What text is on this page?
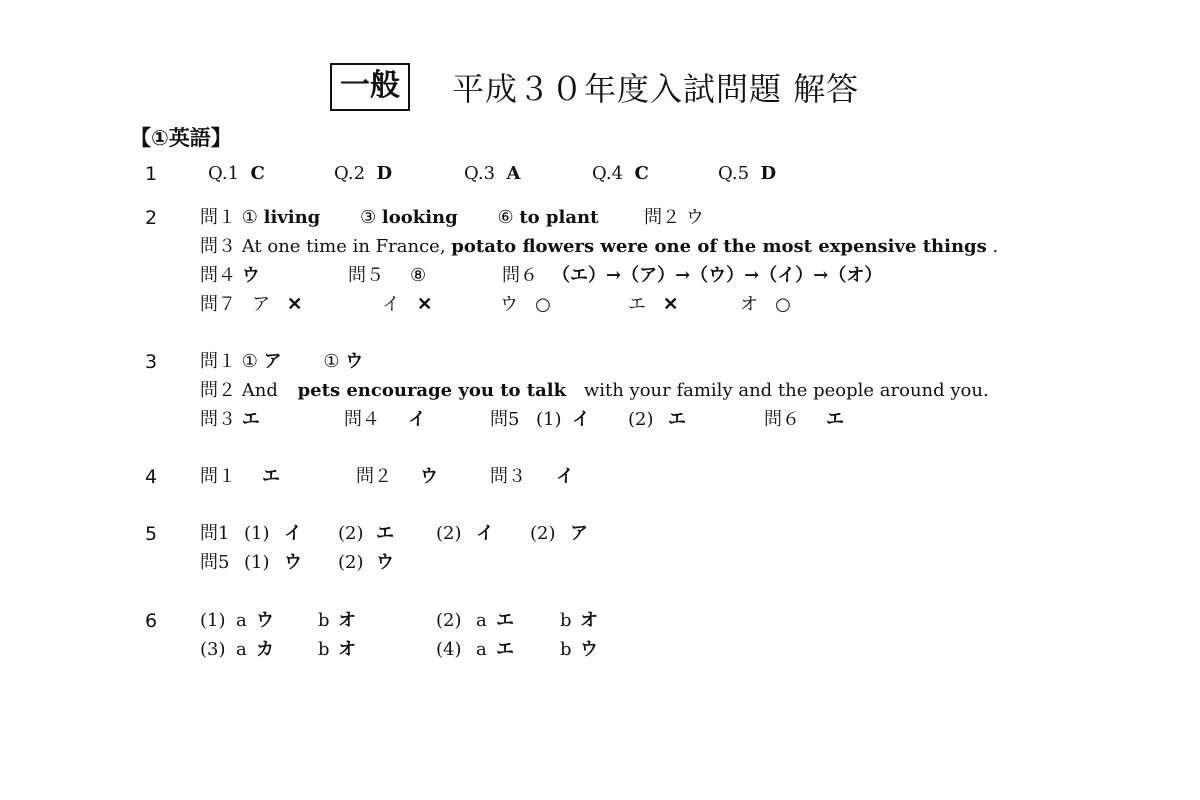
一般	平成３０年度入試問題 解答
【①英語】
1	Q.1 C	Q.2 D	Q.3 A	Q.4 C	Q.5 D
2 問１ ① living ③ looking ⑥ to plant	問２ ウ
問３ At one time in France, potato flowers were one of the most expensive things .
問４ ウ	問５ ⑧	問６ （エ）→（ア）→（ウ）→（イ）→（オ）
問７ ア ✕	イ ✕	ウ ○	エ ✕	オ ○
3 問１ ① ア ① ウ
問２ And pets encourage you to talk with your family and the people around you.
問３ エ	問４ イ	問5 (1) イ (2) エ	問６ エ
4 問１ エ	問２ ウ	問３ イ
5 問1 (1) イ (2) エ (2) イ (2) ア
問5 (1) ウ (2) ウ
6 (1) a ウ b オ	(2) a エ	b オ
(3) a カ b オ	(4) a エ	b ウ
